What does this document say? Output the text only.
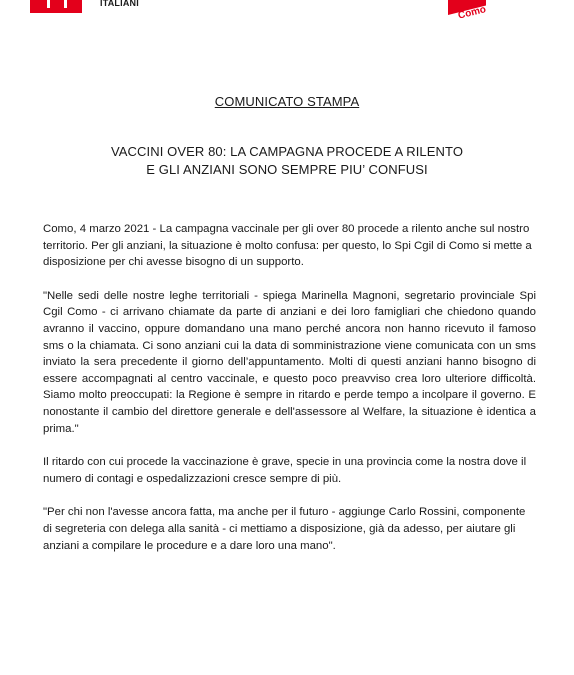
ITALIANI
Como
COMUNICATO STAMPA
VACCINI OVER 80: LA CAMPAGNA PROCEDE A RILENTO
E GLI ANZIANI SONO SEMPRE PIU’ CONFUSI

Como, 4 marzo 2021 - La campagna vaccinale per gli over 80 procede a rilento anche sul nostro territorio. Per gli anziani, la situazione è molto confusa: per questo, lo Spi Cgil di Como si mette a disposizione per chi avesse bisogno di un supporto.

"Nelle sedi delle nostre leghe territoriali - spiega Marinella Magnoni, segretario provinciale Spi Cgil Como - ci arrivano chiamate da parte di anziani e dei loro famigliari che chiedono quando avranno il vaccino, oppure domandano una mano perché ancora non hanno ricevuto il famoso sms o la chiamata. Ci sono anziani cui la data di somministrazione viene comunicata con un sms inviato la sera precedente il giorno dell’appuntamento. Molti di questi anziani hanno bisogno di essere accompagnati al centro vaccinale, e questo poco preavviso crea loro ulteriore difficoltà. Siamo molto preoccupati: la Regione è sempre in ritardo e perde tempo a incolpare il governo. E nonostante il cambio del direttore generale e dell'assessore al Welfare, la situazione è identica a prima."

Il ritardo con cui procede la vaccinazione è grave, specie in una provincia come la nostra dove il numero di contagi e ospedalizzazioni cresce sempre di più.

"Per chi non l'avesse ancora fatta, ma anche per il futuro - aggiunge Carlo Rossini, componente di segreteria con delega alla sanità - ci mettiamo a disposizione, già da adesso, per aiutare gli anziani a compilare le procedure e a dare loro una mano".
